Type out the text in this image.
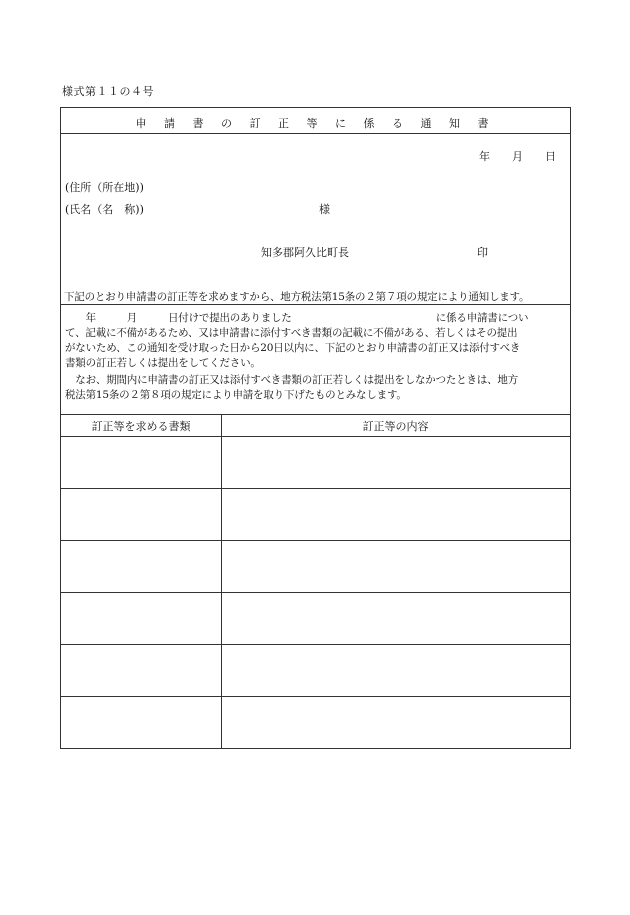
様式第１１の４号
申 請 書 の 訂 正 等 に 係 る 通 知 書
年　　月　　日
(住所（所在地))
(氏名（名　称))	様
知多郡阿久比町長	印
下記のとおり申請書の訂正等を求めますから、地方税法第15条の２第７項の規定により通知します。
　　年　　　月　　　日付けで提出のありました　　　　　　　　　　　　　　に係る申請書につい
て、記載に不備があるため、又は申請書に添付すべき書類の記載に不備がある、若しくはその提出
がないため、この通知を受け取った日から20日以内に、下記のとおり申請書の訂正又は添付すべき
書類の訂正若しくは提出をしてください。
　なお、期間内に申請書の訂正又は添付すべき書類の訂正若しくは提出をしなかつたときは、地方
税法第15条の２第８項の規定により申請を取り下げたものとみなします。
訂正等を求める書類	訂正等の内容
